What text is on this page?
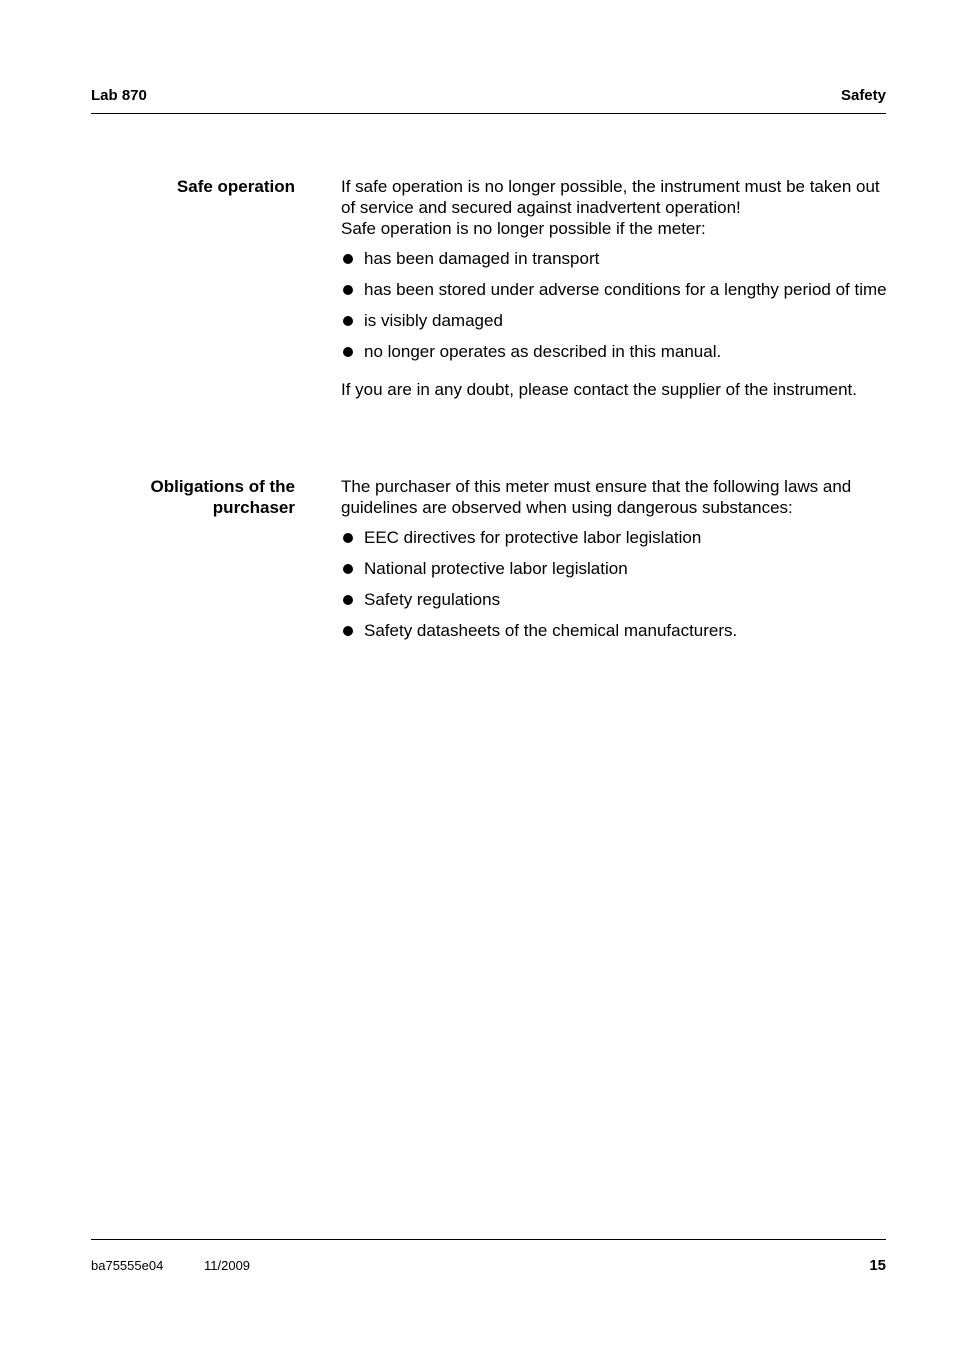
Lab 870	Safety
Safe operation	If safe operation is no longer possible, the instrument must be taken out of service and secured against inadvertent operation!
Safe operation is no longer possible if the meter:

has been damaged in transport
has been stored under adverse conditions for a lengthy period of time
is visibly damaged
no longer operates as described in this manual.

If you are in any doubt, please contact the supplier of the instrument.

Obligations of the
purchaser

The purchaser of this meter must ensure that the following laws and guidelines are observed when using dangerous substances:

EEC directives for protective labor legislation
National protective labor legislation
Safety regulations
Safety datasheets of the chemical manufacturers.
ba75555e04	11/2009	15
